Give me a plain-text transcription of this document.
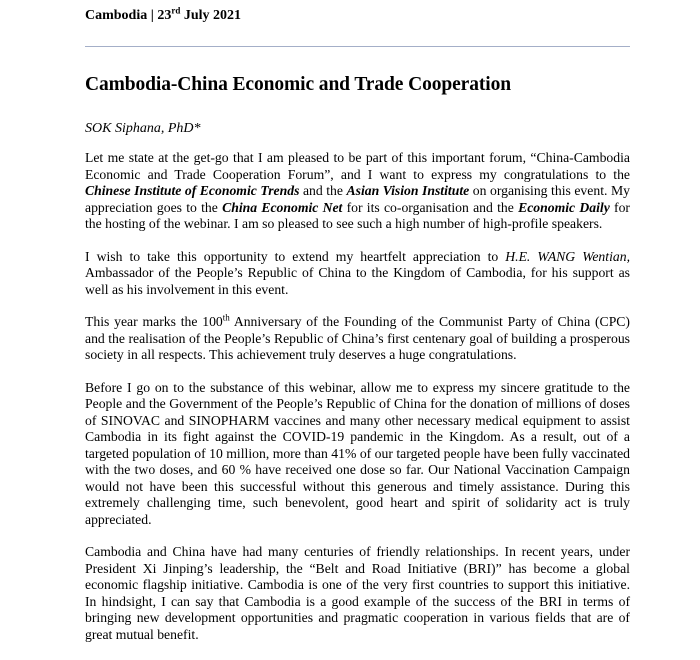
Cambodia | 23rd July 2021
Cambodia-China Economic and Trade Cooperation
SOK Siphana, PhD*

Let me state at the get-go that I am pleased to be part of this important forum, “China-Cambodia Economic and Trade Cooperation Forum”, and I want to express my congratulations to the Chinese Institute of Economic Trends and the Asian Vision Institute on organising this event. My appreciation goes to the China Economic Net for its co-organisation and the Economic Daily for the hosting of the webinar. I am so pleased to see such a high number of high-profile speakers.

I wish to take this opportunity to extend my heartfelt appreciation to H.E. WANG Wentian, Ambassador of the People’s Republic of China to the Kingdom of Cambodia, for his support as well as his involvement in this event.

This year marks the 100th Anniversary of the Founding of the Communist Party of China (CPC) and the realisation of the People’s Republic of China’s first centenary goal of building a prosperous society in all respects. This achievement truly deserves a huge congratulations.

Before I go on to the substance of this webinar, allow me to express my sincere gratitude to the People and the Government of the People’s Republic of China for the donation of millions of doses of SINOVAC and SINOPHARM vaccines and many other necessary medical equipment to assist Cambodia in its fight against the COVID-19 pandemic in the Kingdom. As a result, out of a targeted population of 10 million, more than 41% of our targeted people have been fully vaccinated with the two doses, and 60 % have received one dose so far. Our National Vaccination Campaign would not have been this successful without this generous and timely assistance. During this extremely challenging time, such benevolent, good heart and spirit of solidarity act is truly appreciated.

Cambodia and China have had many centuries of friendly relationships. In recent years, under President Xi Jinping’s leadership, the “Belt and Road Initiative (BRI)” has become a global economic flagship initiative. Cambodia is one of the very first countries to support this initiative. In hindsight, I can say that Cambodia is a good example of the success of the BRI in terms of bringing new development opportunities and pragmatic cooperation in various fields that are of great mutual benefit.
